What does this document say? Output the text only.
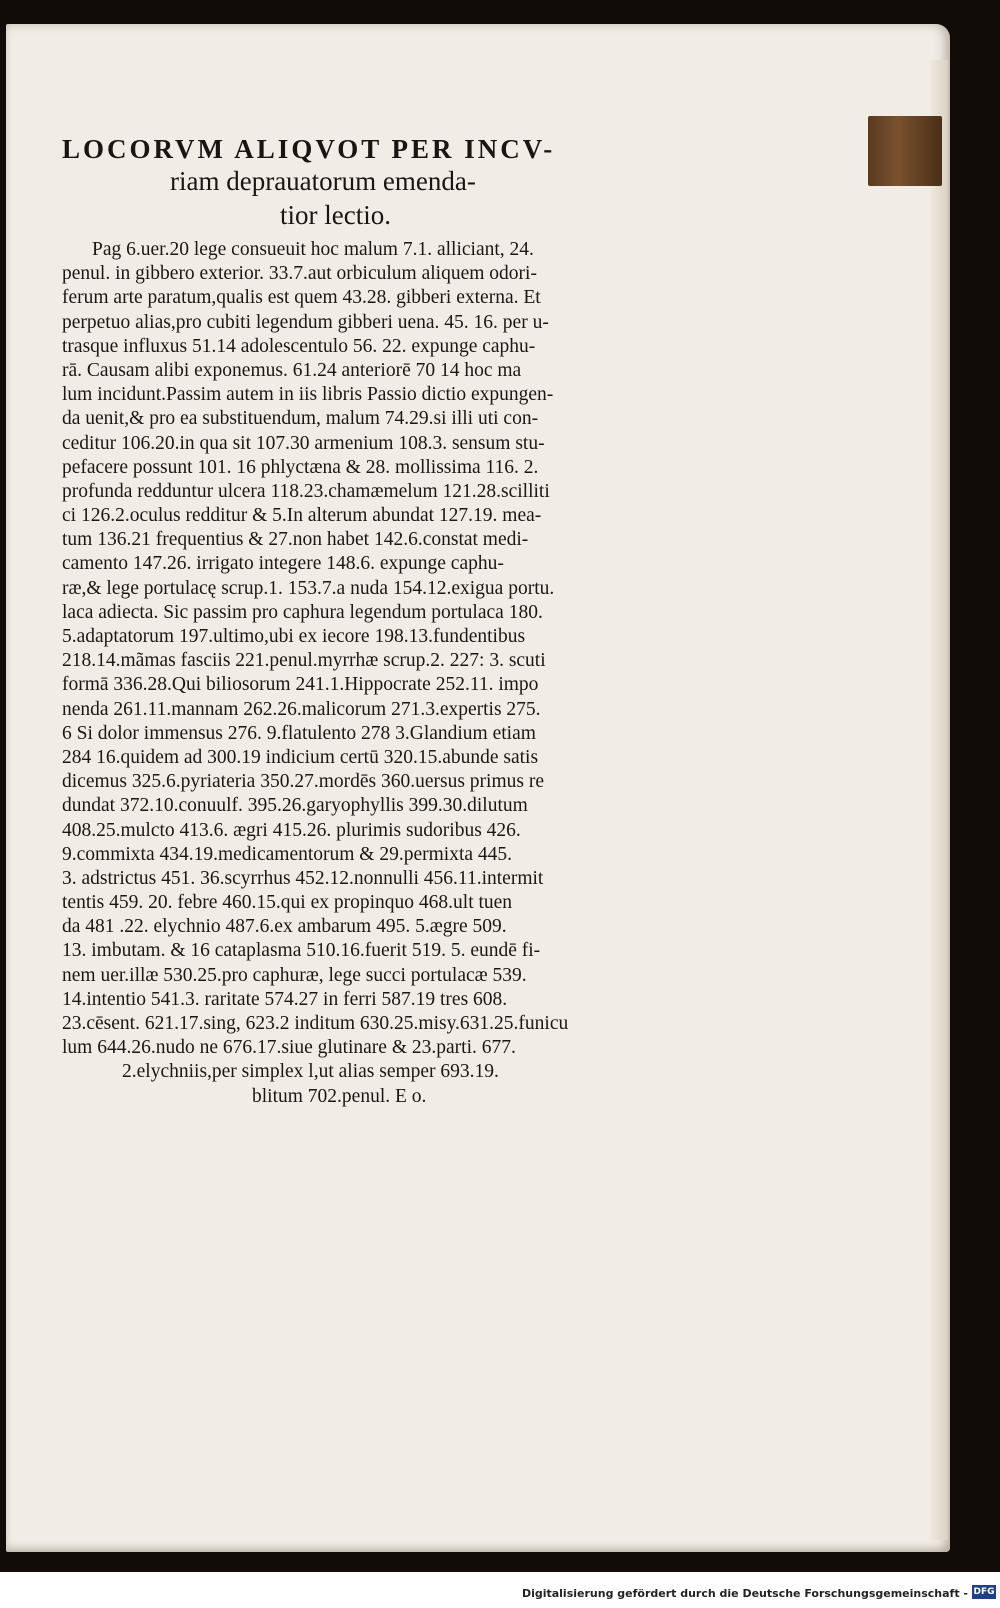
LOCORVM ALIQVOT PER INCV-
riam deprauatorum emenda-
tior lectio.
Pag 6.uer.20 lege consueuit hoc malum 7.1. alliciant, 24.
penul. in gibbero exterior. 33.7.aut orbiculum aliquem odori-
ferum arte paratum,qualis est quem 43.28. gibberi externa. Et
perpetuo alias,pro cubiti legendum gibberi uena. 45. 16. per u-
trasque influxus 51.14 adolescentulo 56. 22. expunge caphu-
rā. Causam alibi exponemus. 61.24 anteriorē 70 14 hoc ma
lum incidunt.Passim autem in iis libris Passio dictio expungen-
da uenit,& pro ea substituendum, malum 74.29.si illi uti con-
ceditur 106.20.in qua sit 107.30 armenium 108.3. sensum stu-
pefacere possunt 101. 16 phlyctæna & 28. mollissima 116. 2.
profunda redduntur ulcera 118.23.chamæmelum 121.28.scilliti
ci 126.2.oculus redditur & 5.In alterum abundat 127.19. mea-
tum 136.21 frequentius & 27.non habet 142.6.constat medi-
camento 147.26. irrigato integere 148.6. expunge caphu-
ræ,& lege portulacę scrup.1. 153.7.a nuda 154.12.exigua portu.
laca adiecta. Sic passim pro caphura legendum portulaca 180.
5.adaptatorum 197.ultimo,ubi ex iecore 198.13.fundentibus
218.14.mãmas fasciis 221.penul.myrrhæ scrup.2. 227: 3. scuti
formā 336.28.Qui biliosorum 241.1.Hippocrate 252.11. impo
nenda 261.11.mannam 262.26.malicorum 271.3.expertis 275.
6 Si dolor immensus 276. 9.flatulento 278 3.Glandium etiam
284 16.quidem ad 300.19 indicium certū 320.15.abunde satis
dicemus 325.6.pyriateria 350.27.mordēs 360.uersus primus re
dundat 372.10.conuulf. 395.26.garyophyllis 399.30.dilutum
408.25.mulcto 413.6. ægri 415.26. plurimis sudoribus 426.
9.commixta 434.19.medicamentorum & 29.permixta 445.
3. adstrictus 451. 36.scyrrhus 452.12.nonnulli 456.11.intermit
tentis 459. 20. febre 460.15.qui ex propinquo 468.ult tuen
da 481 .22. elychnio 487.6.ex ambarum 495. 5.ægre 509.
13. imbutam. & 16 cataplasma 510.16.fuerit 519. 5. eundē fi-
nem uer.illæ 530.25.pro caphuræ, lege succi portulacæ 539.
14.intentio 541.3. raritate 574.27 in ferri 587.19 tres 608.
23.cēsent. 621.17.sing, 623.2 inditum 630.25.misy.631.25.funicu
lum 644.26.nudo ne 676.17.siue glutinare & 23.parti. 677.
2.elychniis,per simplex l,ut alias semper 693.19.
blitum 702.penul. E o.
Digitalisierung gefördert durch die Deutsche Forschungsgemeinschaft - DFG
